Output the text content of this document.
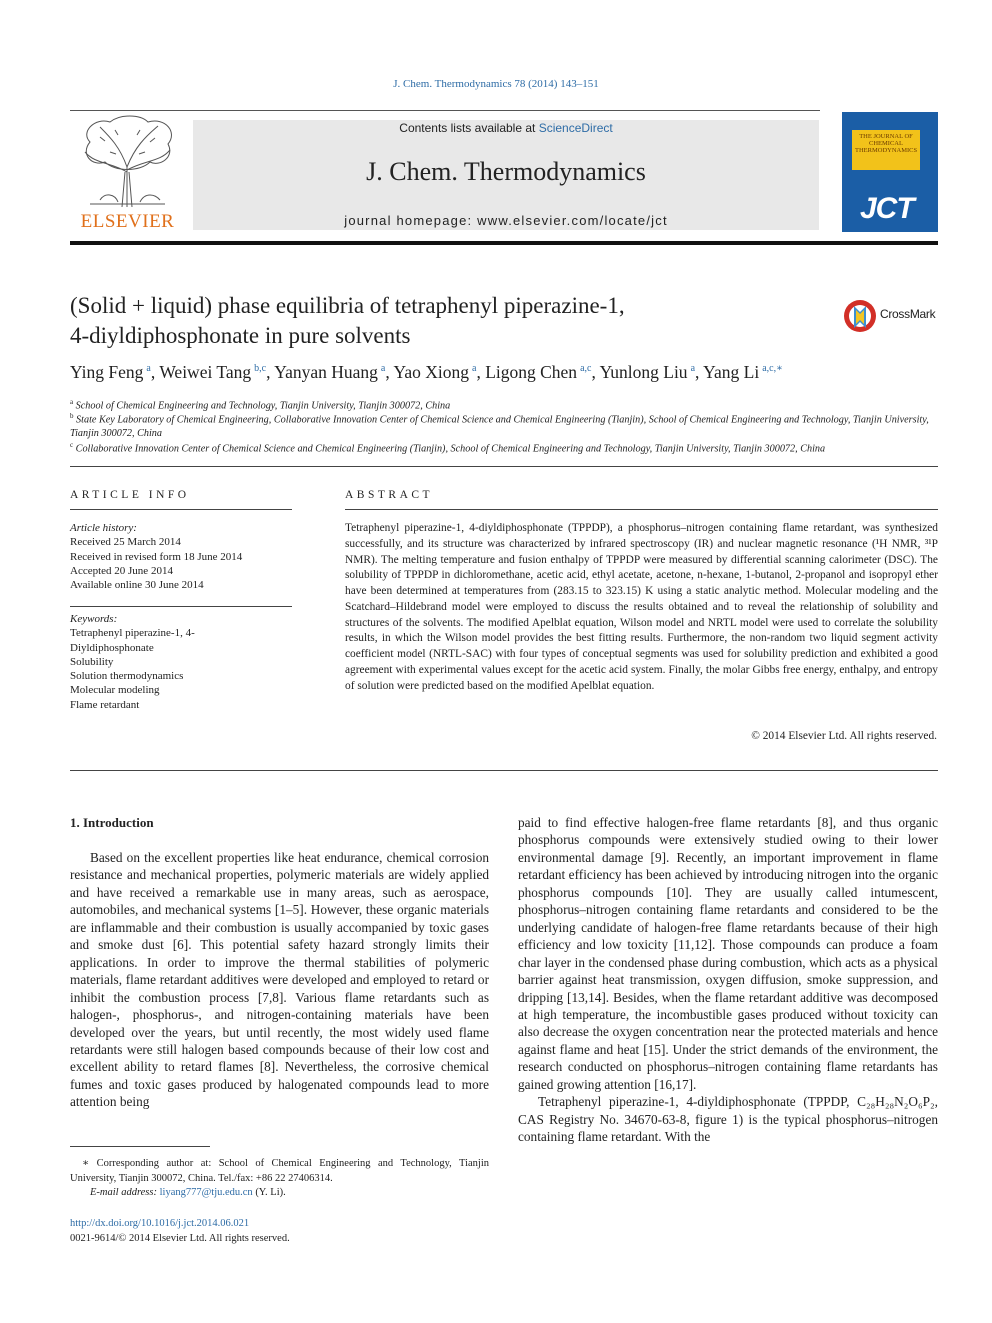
J. Chem. Thermodynamics 78 (2014) 143–151
ELSEVIER
Contents lists available at ScienceDirect
J. Chem. Thermodynamics
journal homepage: www.elsevier.com/locate/jct
THE JOURNAL OF CHEMICAL THERMODYNAMICS
JCT
(Solid + liquid) phase equilibria of tetraphenyl piperazine-1,
4-diyldiphosphonate in pure solvents
CrossMark
Ying Feng $^a$, Weiwei Tang $^{b,c}$, Yanyan Huang $^a$, Yao Xiong $^a$, Ligong Chen $^{a,c}$, Yunlong Liu $^a$, Yang Li $^{a,c,∗}$
$^a$ School of Chemical Engineering and Technology, Tianjin University, Tianjin 300072, China
$^b$ State Key Laboratory of Chemical Engineering, Collaborative Innovation Center of Chemical Science and Chemical Engineering (Tianjin), School of Chemical Engineering and Technology, Tianjin University, Tianjin 300072, China
$^c$ Collaborative Innovation Center of Chemical Science and Chemical Engineering (Tianjin), School of Chemical Engineering and Technology, Tianjin University, Tianjin 300072, China
ARTICLE INFO
Article history:
Received 25 March 2014
Received in revised form 18 June 2014
Accepted 20 June 2014
Available online 30 June 2014
Keywords:
Tetraphenyl piperazine-1, 4-
Diyldiphosphonate
Solubility
Solution thermodynamics
Molecular modeling
Flame retardant
ABSTRACT
Tetraphenyl piperazine-1, 4-diyldiphosphonate (TPPDP), a phosphorus–nitrogen containing flame retardant, was synthesized successfully, and its structure was characterized by infrared spectroscopy (IR) and nuclear magnetic resonance (¹H NMR, ³¹P NMR). The melting temperature and fusion enthalpy of TPPDP were measured by differential scanning calorimeter (DSC). The solubility of TPPDP in dichloromethane, acetic acid, ethyl acetate, acetone, n-hexane, 1-butanol, 2-propanol and isopropyl ether have been determined at temperatures from (283.15 to 323.15) K using a static analytic method. Molecular modeling and the Scatchard–Hildebrand model were employed to discuss the results obtained and to reveal the relationship of solubility and structures of the solvents. The modified Apelblat equation, Wilson model and NRTL model were used to correlate the solubility results, in which the Wilson model provides the best fitting results. Furthermore, the non-random two liquid segment activity coefficient model (NRTL-SAC) with four types of conceptual segments was used for solubility prediction and exhibited a good agreement with experimental values except for the acetic acid system. Finally, the molar Gibbs free energy, enthalpy, and entropy of solution were predicted based on the modified Apelblat equation.
© 2014 Elsevier Ltd. All rights reserved.
1. Introduction

Based on the excellent properties like heat endurance, chemical corrosion resistance and mechanical properties, polymeric materials are widely applied and have received a remarkable use in many areas, such as aerospace, automobiles, and mechanical systems [1–5]. However, these organic materials are inflammable and their combustion is usually accompanied by toxic gases and smoke dust [6]. This potential safety hazard strongly limits their applications. In order to improve the thermal stabilities of polymeric materials, flame retardant additives were developed and employed to retard or inhibit the combustion process [7,8]. Various flame retardants such as halogen-, phosphorus-, and nitrogen-containing materials have been developed over the years, but until recently, the most widely used flame retardants were still halogen based compounds because of their low cost and excellent ability to retard flames [8]. Nevertheless, the corrosive chemical fumes and toxic gases produced by halogenated compounds lead to more attention being

paid to find effective halogen-free flame retardants [8], and thus organic phosphorus compounds were extensively studied owing to their lower environmental damage [9]. Recently, an important improvement in flame retardant efficiency has been achieved by introducing nitrogen into the organic phosphorus compounds [10]. They are usually called intumescent, phosphorus–nitrogen containing flame retardants and considered to be the underlying candidate of halogen-free flame retardants because of their high efficiency and low toxicity [11,12]. Those compounds can produce a foam char layer in the condensed phase during combustion, which acts as a physical barrier against heat transmission, oxygen diffusion, smoke suppression, and dripping [13,14]. Besides, when the flame retardant additive was decomposed at high temperature, the incombustible gases produced without toxicity can also decrease the oxygen concentration near the protected materials and hence against flame and heat [15]. Under the strict demands of the environment, the research conducted on phosphorus–nitrogen containing flame retardants has gained growing attention [16,17].

Tetraphenyl piperazine-1, 4-diyldiphosphonate (TPPDP, C₂₈H₂₈N₂O₆P₂, CAS Registry No. 34670-63-8, figure 1) is the typical phosphorus–nitrogen containing flame retardant. With the

∗ Corresponding author at: School of Chemical Engineering and Technology, Tianjin University, Tianjin 300072, China. Tel./fax: +86 22 27406314.
E-mail address: liyang777@tju.edu.cn (Y. Li).
http://dx.doi.org/10.1016/j.jct.2014.06.021
0021-9614/© 2014 Elsevier Ltd. All rights reserved.
